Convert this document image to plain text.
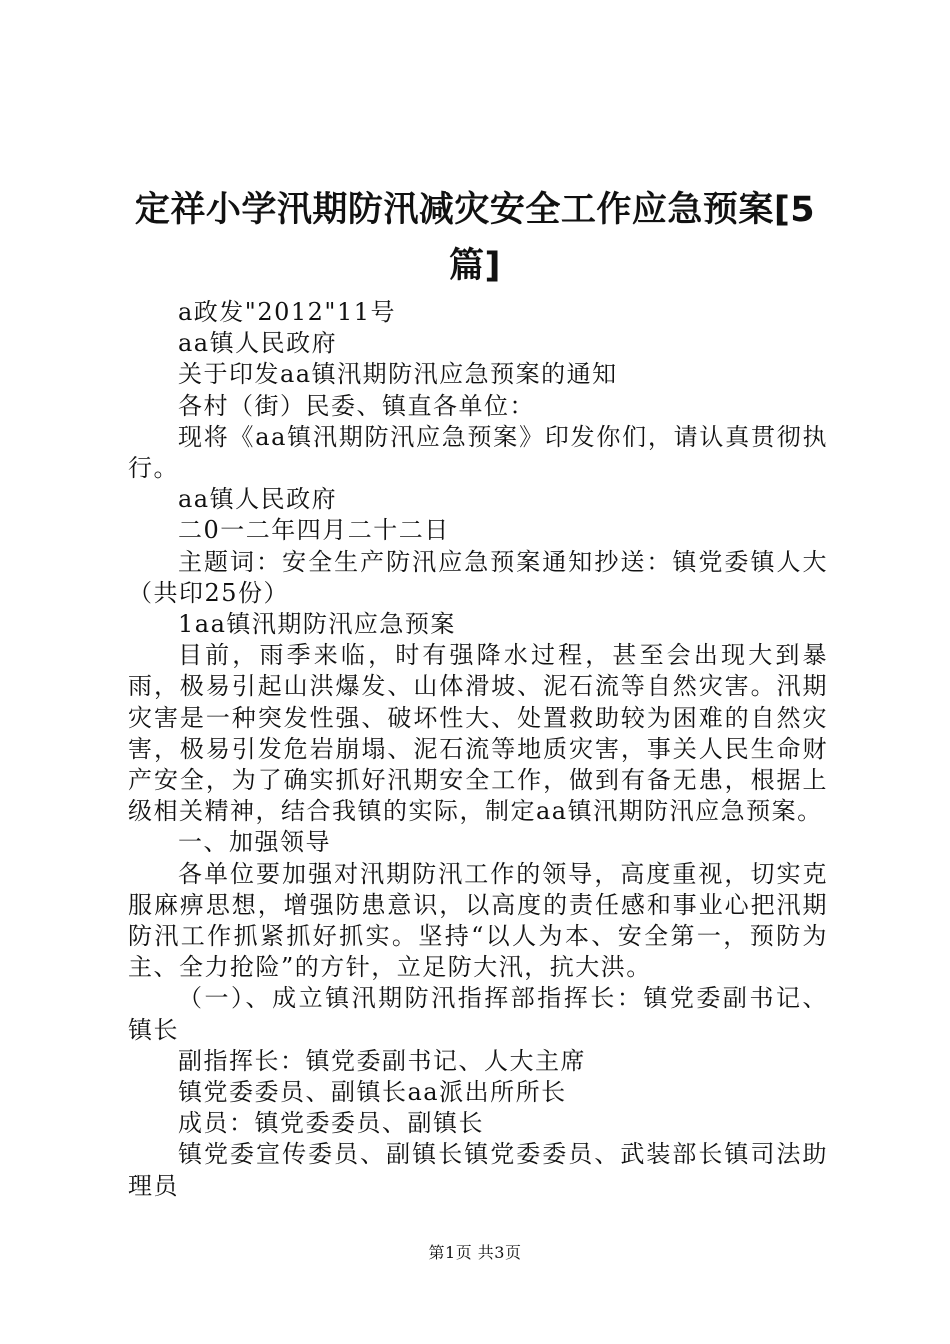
定祥小学汛期防汛减灾安全工作应急预案[5篇]

a政发"2012"11号

aa镇人民政府

关于印发aa镇汛期防汛应急预案的通知

各村（街）民委、镇直各单位：

现将《aa镇汛期防汛应急预案》印发你们，请认真贯彻执行。

aa镇人民政府

二0一二年四月二十二日

主题词：安全生产防汛应急预案通知抄送：镇党委镇人大（共印25份）

1aa镇汛期防汛应急预案

目前，雨季来临，时有强降水过程，甚至会出现大到暴雨，极易引起山洪爆发、山体滑坡、泥石流等自然灾害。汛期灾害是一种突发性强、破坏性大、处置救助较为困难的自然灾害，极易引发危岩崩塌、泥石流等地质灾害，事关人民生命财产安全，为了确实抓好汛期安全工作，做到有备无患，根据上级相关精神，结合我镇的实际，制定aa镇汛期防汛应急预案。

一、加强领导

各单位要加强对汛期防汛工作的领导，高度重视，切实克服麻痹思想，增强防患意识，以高度的责任感和事业心把汛期防汛工作抓紧抓好抓实。坚持“以人为本、安全第一，预防为主、全力抢险”的方针，立足防大汛，抗大洪。

（一）、成立镇汛期防汛指挥部指挥长：镇党委副书记、镇长

副指挥长：镇党委副书记、人大主席

镇党委委员、副镇长aa派出所所长

成员：镇党委委员、副镇长

镇党委宣传委员、副镇长镇党委委员、武装部长镇司法助理员

第1页 共3页
